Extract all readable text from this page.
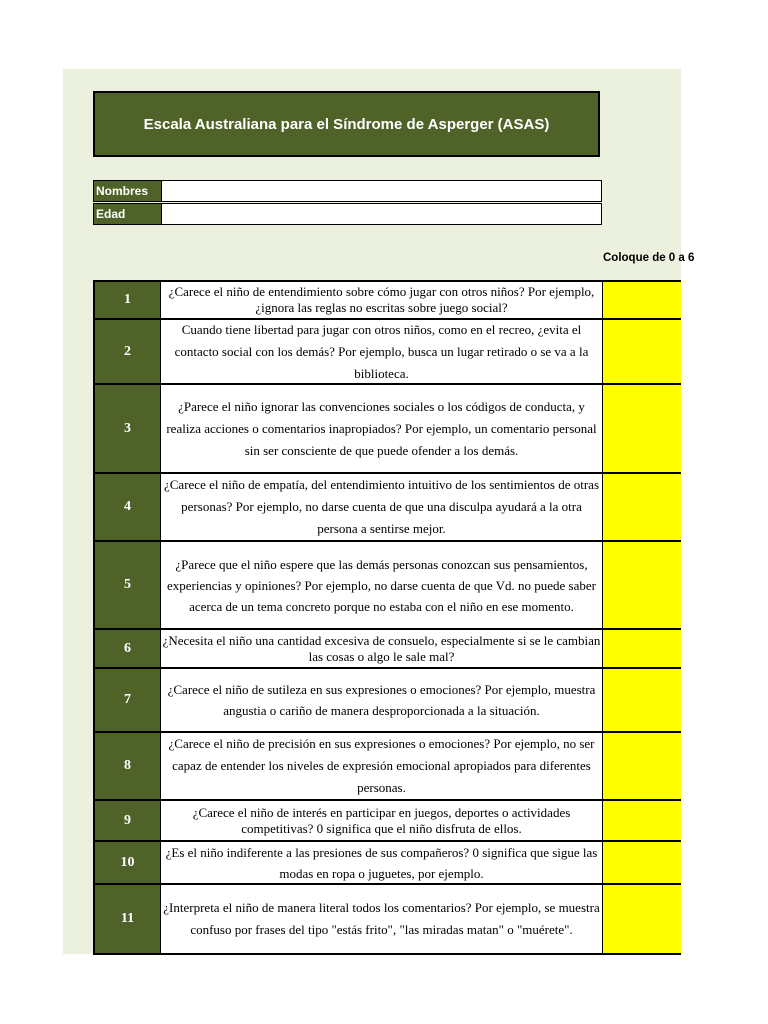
Escala Australiana para el Síndrome de Asperger (ASAS)
Nombres
Edad
Coloque de 0 a 6
1
¿Carece el niño de entendimiento sobre cómo jugar con otros niños? Por ejemplo, ¿ignora las reglas no escritas sobre juego social?
2
Cuando tiene libertad para jugar con otros niños, como en el recreo, ¿evita el contacto social con los demás? Por ejemplo, busca un lugar retirado o se va a la biblioteca.
3
¿Parece el niño ignorar las convenciones sociales o los códigos de conducta, y realiza acciones o comentarios inapropiados? Por ejemplo, un comentario personal sin ser consciente de que puede ofender a los demás.
4
¿Carece el niño de empatía, del entendimiento intuitivo de los sentimientos de otras personas? Por ejemplo, no darse cuenta de que una disculpa ayudará a la otra persona a sentirse mejor.
5
¿Parece que el niño espere que las demás personas conozcan sus pensamientos, experiencias y opiniones? Por ejemplo, no darse cuenta de que Vd. no puede saber acerca de un tema concreto porque no estaba con el niño en ese momento.
6
¿Necesita el niño una cantidad excesiva de consuelo, especialmente si se le cambian las cosas o algo le sale mal?
7
¿Carece el niño de sutileza en sus expresiones o emociones? Por ejemplo, muestra angustia o cariño de manera desproporcionada a la situación.
8
¿Carece el niño de precisión en sus expresiones o emociones? Por ejemplo, no ser capaz de entender los niveles de expresión emocional apropiados para diferentes personas.
9
¿Carece el niño de interés en participar en juegos, deportes o actividades competitivas? 0 significa que el niño disfruta de ellos.
10
¿Es el niño indiferente a las presiones de sus compañeros? 0 significa que sigue las modas en ropa o juguetes, por ejemplo.
11
¿Interpreta el niño de manera literal todos los comentarios? Por ejemplo, se muestra confuso por frases del tipo "estás frito", "las miradas matan" o "muérete".
